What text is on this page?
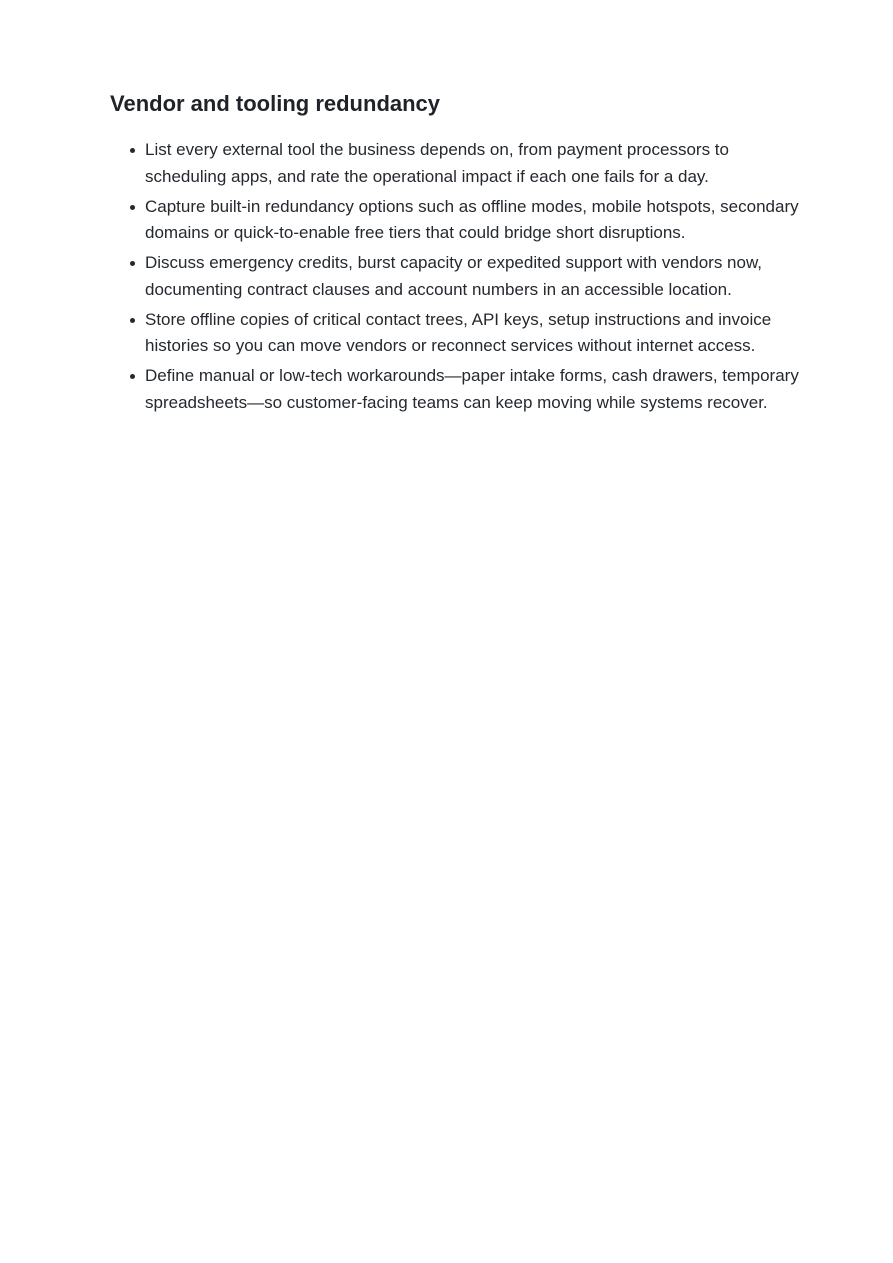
Vendor and tooling redundancy
List every external tool the business depends on, from payment processors to scheduling apps, and rate the operational impact if each one fails for a day.
Capture built-in redundancy options such as offline modes, mobile hotspots, secondary domains or quick-to-enable free tiers that could bridge short disruptions.
Discuss emergency credits, burst capacity or expedited support with vendors now, documenting contract clauses and account numbers in an accessible location.
Store offline copies of critical contact trees, API keys, setup instructions and invoice histories so you can move vendors or reconnect services without internet access.
Define manual or low-tech workarounds—paper intake forms, cash drawers, temporary spreadsheets—so customer-facing teams can keep moving while systems recover.
